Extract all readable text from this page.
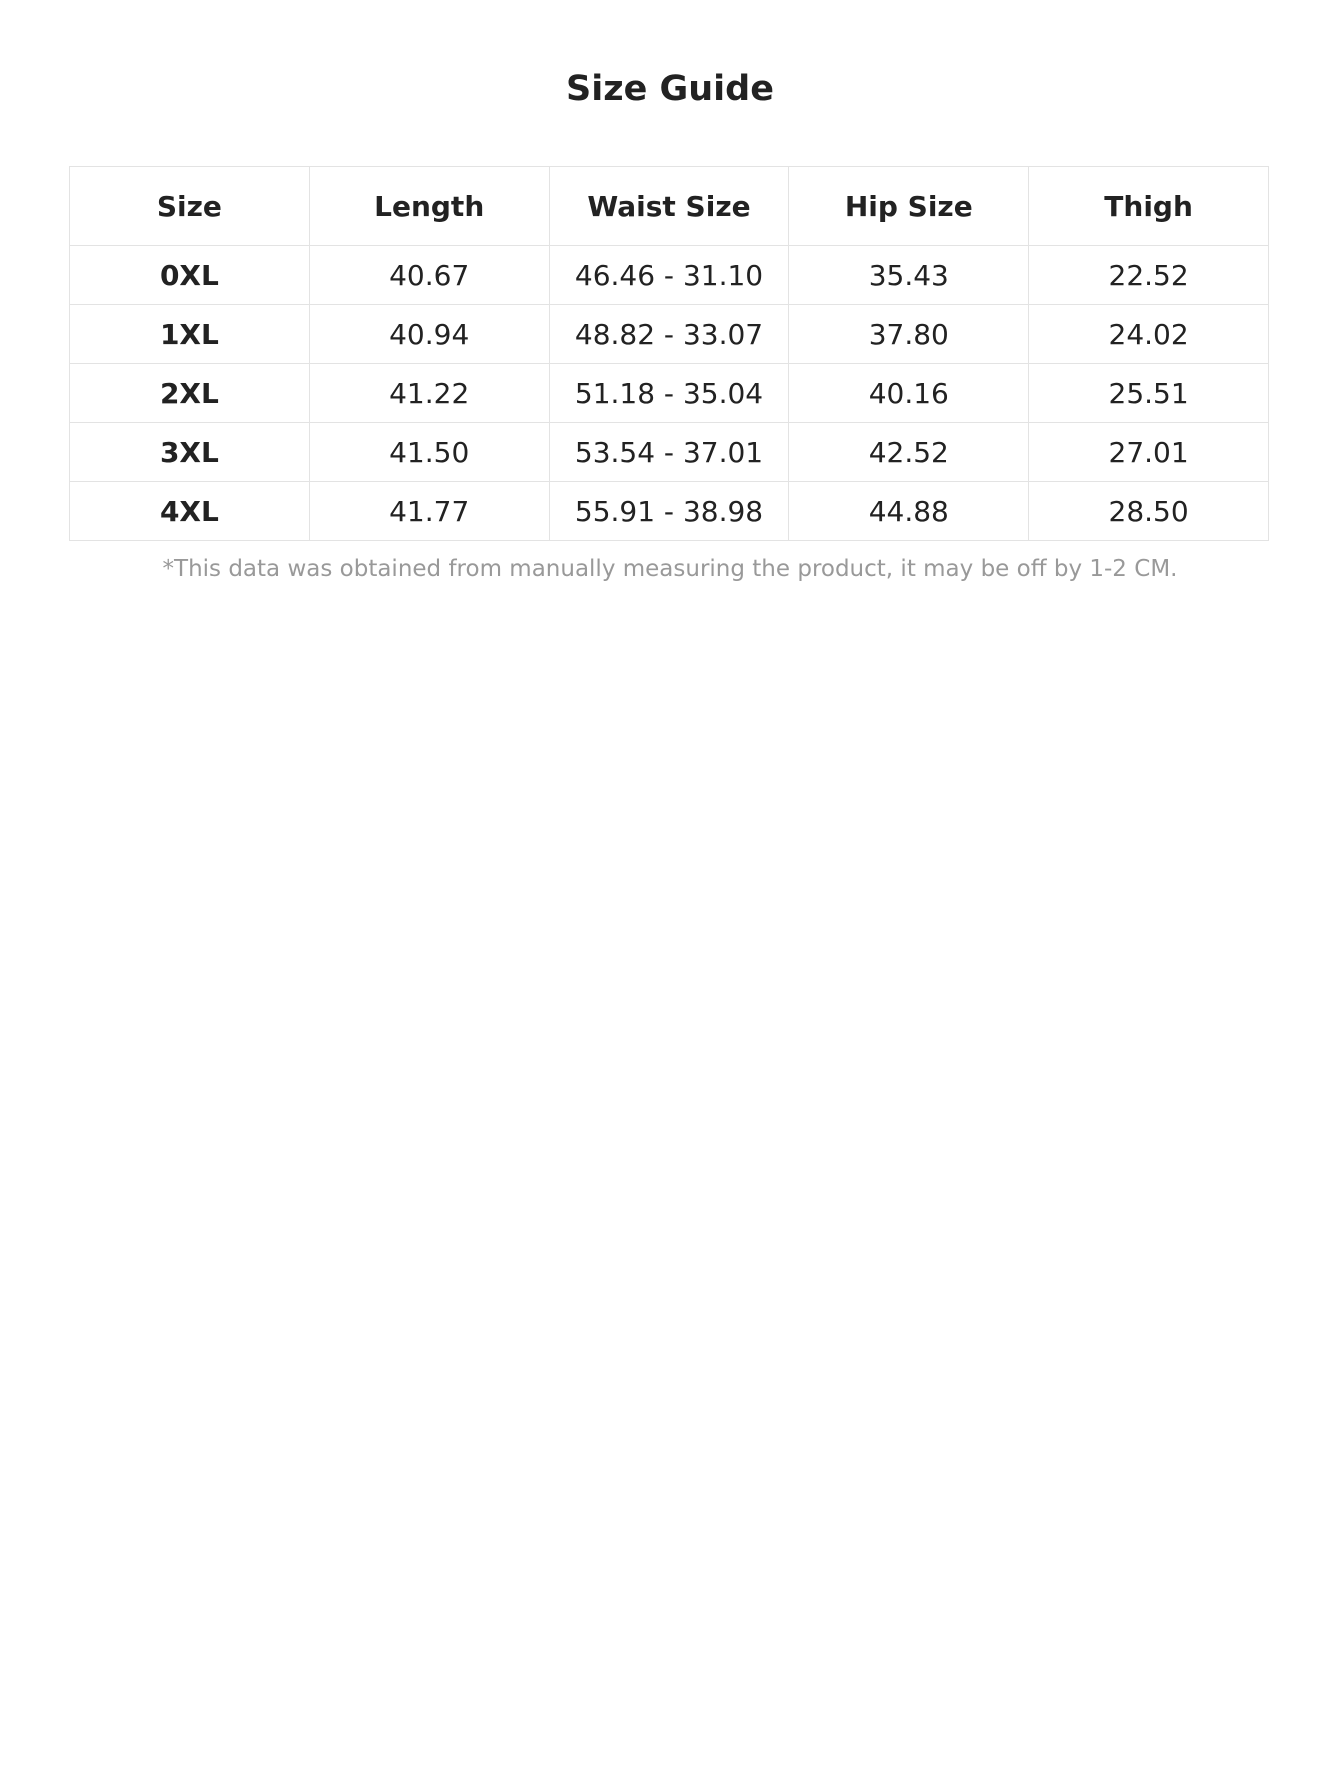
Size Guide
Size	Length	Waist Size	Hip Size	Thigh
0XL	40.67	46.46 - 31.10	35.43	22.52
1XL	40.94	48.82 - 33.07	37.80	24.02
2XL	41.22	51.18 - 35.04	40.16	25.51
3XL	41.50	53.54 - 37.01	42.52	27.01
4XL	41.77	55.91 - 38.98	44.88	28.50
*This data was obtained from manually measuring the product, it may be off by 1-2 CM.
